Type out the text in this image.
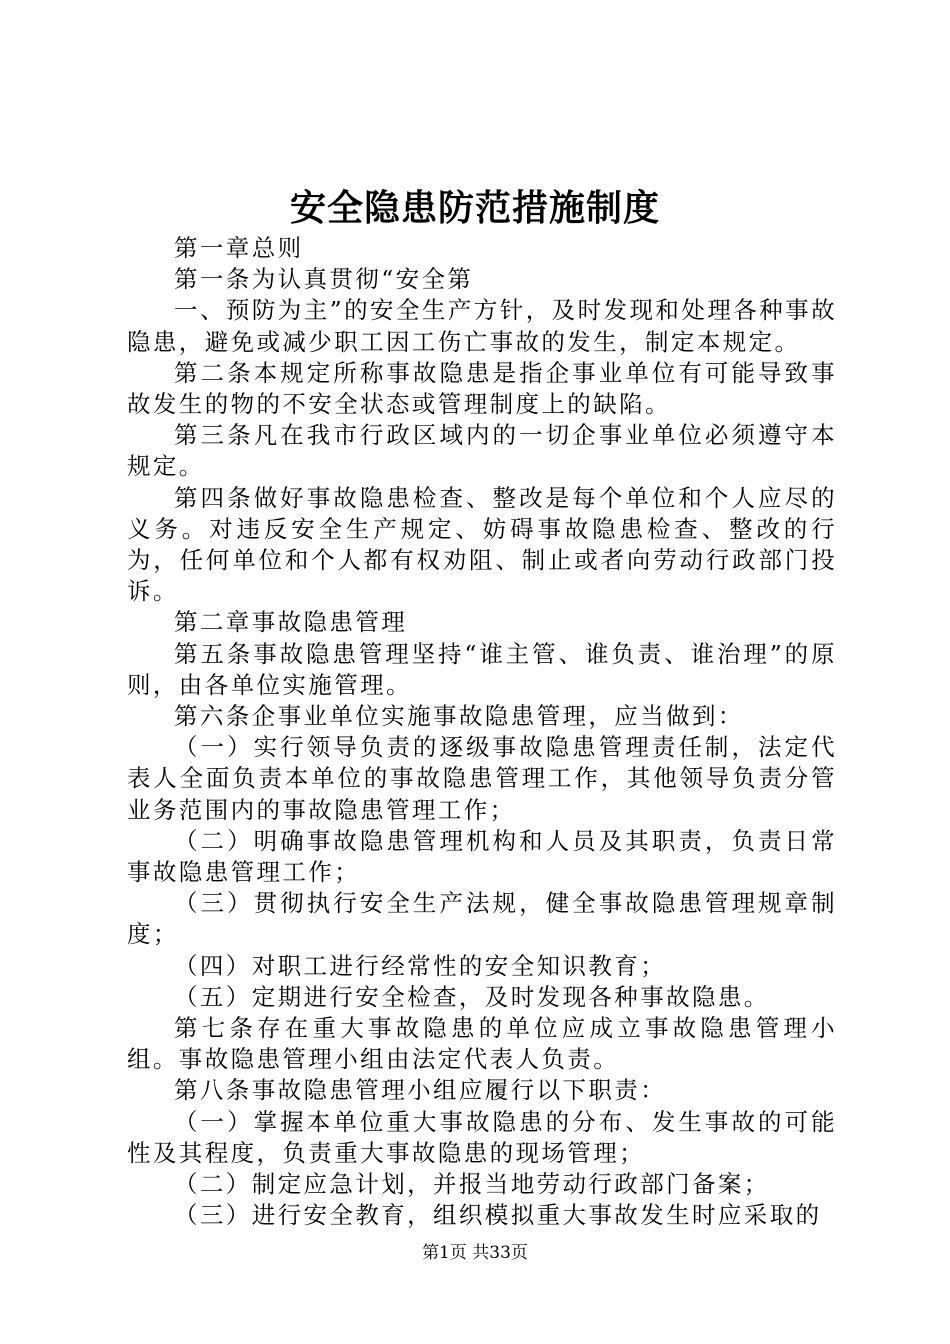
安全隐患防范措施制度

第一章总则

第一条为认真贯彻“安全第

一、预防为主”的安全生产方针，及时发现和处理各种事故隐患，避免或减少职工因工伤亡事故的发生，制定本规定。

第二条本规定所称事故隐患是指企事业单位有可能导致事故发生的物的不安全状态或管理制度上的缺陷。

第三条凡在我市行政区域内的一切企事业单位必须遵守本规定。

第四条做好事故隐患检查、整改是每个单位和个人应尽的义务。对违反安全生产规定、妨碍事故隐患检查、整改的行为，任何单位和个人都有权劝阻、制止或者向劳动行政部门投诉。

第二章事故隐患管理

第五条事故隐患管理坚持“谁主管、谁负责、谁治理”的原则，由各单位实施管理。

第六条企事业单位实施事故隐患管理，应当做到：

（一）实行领导负责的逐级事故隐患管理责任制，法定代表人全面负责本单位的事故隐患管理工作，其他领导负责分管业务范围内的事故隐患管理工作；

（二）明确事故隐患管理机构和人员及其职责，负责日常事故隐患管理工作；

（三）贯彻执行安全生产法规，健全事故隐患管理规章制度；

（四）对职工进行经常性的安全知识教育；

（五）定期进行安全检查，及时发现各种事故隐患。

第七条存在重大事故隐患的单位应成立事故隐患管理小组。事故隐患管理小组由法定代表人负责。

第八条事故隐患管理小组应履行以下职责：

（一）掌握本单位重大事故隐患的分布、发生事故的可能性及其程度，负责重大事故隐患的现场管理；

（二）制定应急计划，并报当地劳动行政部门备案；

（三）进行安全教育，组织模拟重大事故发生时应采取的

第1页 共33页
